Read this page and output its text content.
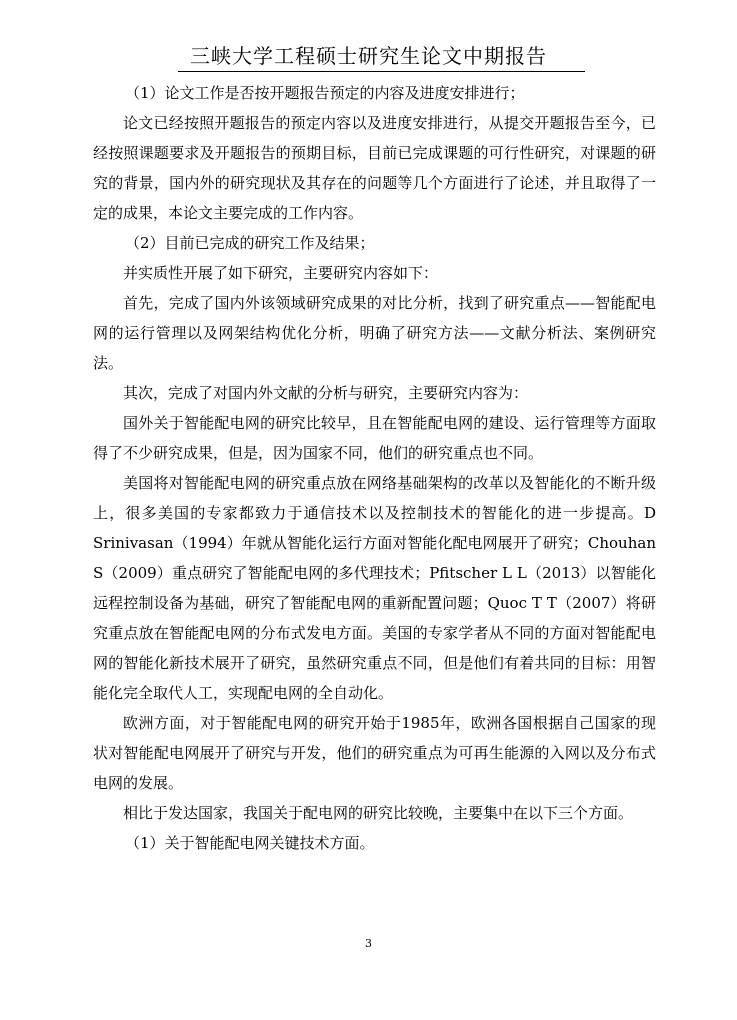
三峡大学工程硕士研究生论文中期报告

（1）论文工作是否按开题报告预定的内容及进度安排进行；

论文已经按照开题报告的预定内容以及进度安排进行，从提交开题报告至今，已经按照课题要求及开题报告的预期目标，目前已完成课题的可行性研究，对课题的研究的背景，国内外的研究现状及其存在的问题等几个方面进行了论述，并且取得了一定的成果，本论文主要完成的工作内容。

（2）目前已完成的研究工作及结果；

并实质性开展了如下研究，主要研究内容如下：

首先，完成了国内外该领域研究成果的对比分析，找到了研究重点——智能配电网的运行管理以及网架结构优化分析，明确了研究方法——文献分析法、案例研究法。

其次，完成了对国内外文献的分析与研究，主要研究内容为：

国外关于智能配电网的研究比较早，且在智能配电网的建设、运行管理等方面取得了不少研究成果，但是，因为国家不同，他们的研究重点也不同。

美国将对智能配电网的研究重点放在网络基础架构的改革以及智能化的不断升级上，很多美国的专家都致力于通信技术以及控制技术的智能化的进一步提高。D Srinivasan（1994）年就从智能化运行方面对智能化配电网展开了研究；Chouhan S（2009）重点研究了智能配电网的多代理技术；Pfitscher L L（2013）以智能化远程控制设备为基础，研究了智能配电网的重新配置问题；Quoc T T（2007）将研究重点放在智能配电网的分布式发电方面。美国的专家学者从不同的方面对智能配电网的智能化新技术展开了研究，虽然研究重点不同，但是他们有着共同的目标：用智能化完全取代人工，实现配电网的全自动化。

欧洲方面，对于智能配电网的研究开始于1985年，欧洲各国根据自己国家的现状对智能配电网展开了研究与开发，他们的研究重点为可再生能源的入网以及分布式电网的发展。

相比于发达国家，我国关于配电网的研究比较晚，主要集中在以下三个方面。

（1）关于智能配电网关键技术方面。

3
